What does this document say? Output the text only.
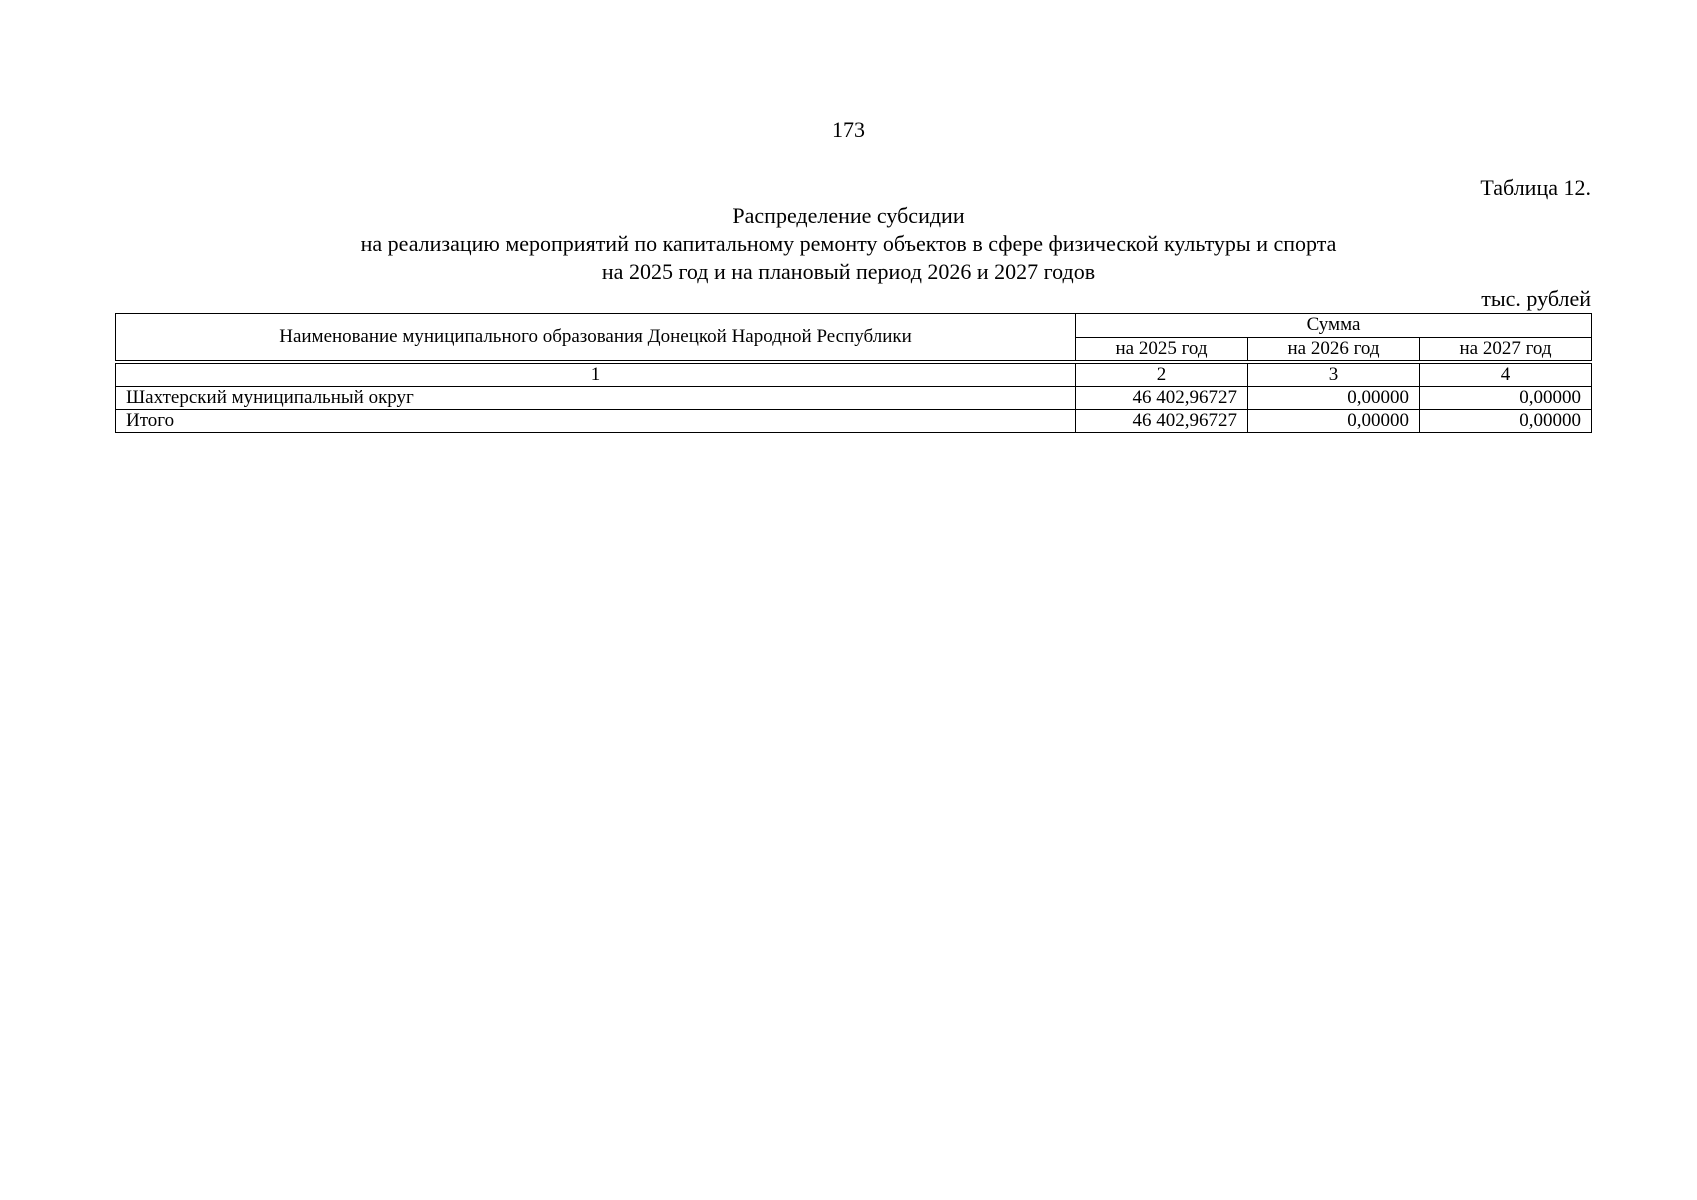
173
Таблица 12.
Распределение субсидии
на реализацию мероприятий по капитальному ремонту объектов в сфере физической культуры и спорта
на 2025 год и на плановый период 2026 и 2027 годов
тыс. рублей
Наименование муниципального образования Донецкой Народной Республики	Сумма		
	на 2025 год	на 2026 год	на 2027 год

1	2	3	4
Шахтерский муниципальный округ	46 402,96727	0,00000	0,00000
Итого	46 402,96727	0,00000	0,00000
